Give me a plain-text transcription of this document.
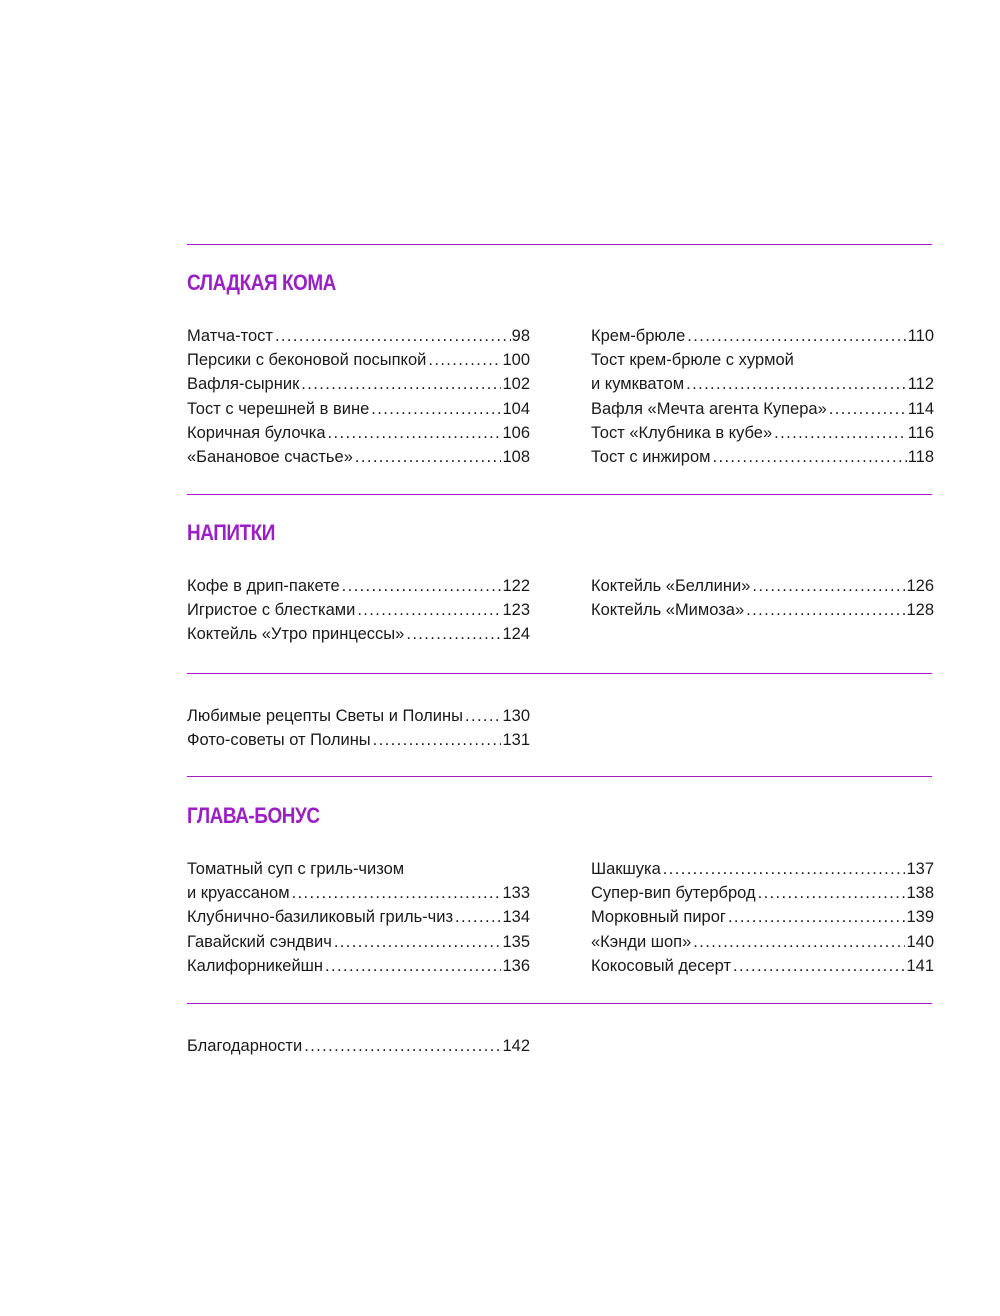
СЛАДКАЯ КОМА
Матча-тост .....	98
Персики с беконовой посыпкой .....	100
Вафля-сырник .....	102
Тост с черешней в вине .....	104
Коричная булочка .....	106
«Банановое счастье» .....	108
Крем-брюле .....	110
Тост крем-брюле с хурмой
и кумкватом .....	112
Вафля «Мечта агента Купера» .....	114
Тост «Клубника в кубе» .....	116
Тост с инжиром .....	118
НАПИТКИ
Кофе в дрип-пакете .....	122
Игристое с блестками .....	123
Коктейль «Утро принцессы» .....	124
Коктейль «Беллини» .....	126
Коктейль «Мимоза» .....	128
Любимые рецепты Светы и Полины ..... 130
Фото-советы от Полины .....	131
ГЛАВА-БОНУС
Томатный суп с гриль-чизом
и круассаном .....	133
Клубнично-базиликовый гриль-чиз .....	134
Гавайский сэндвич .....	135
Калифорникейшн .....	136
Шакшука .....	137
Супер-вип бутерброд .....	138
Морковный пирог .....	139
«Кэнди шоп» .....	140
Кокосовый десерт .....	141
Благодарности .....	142
